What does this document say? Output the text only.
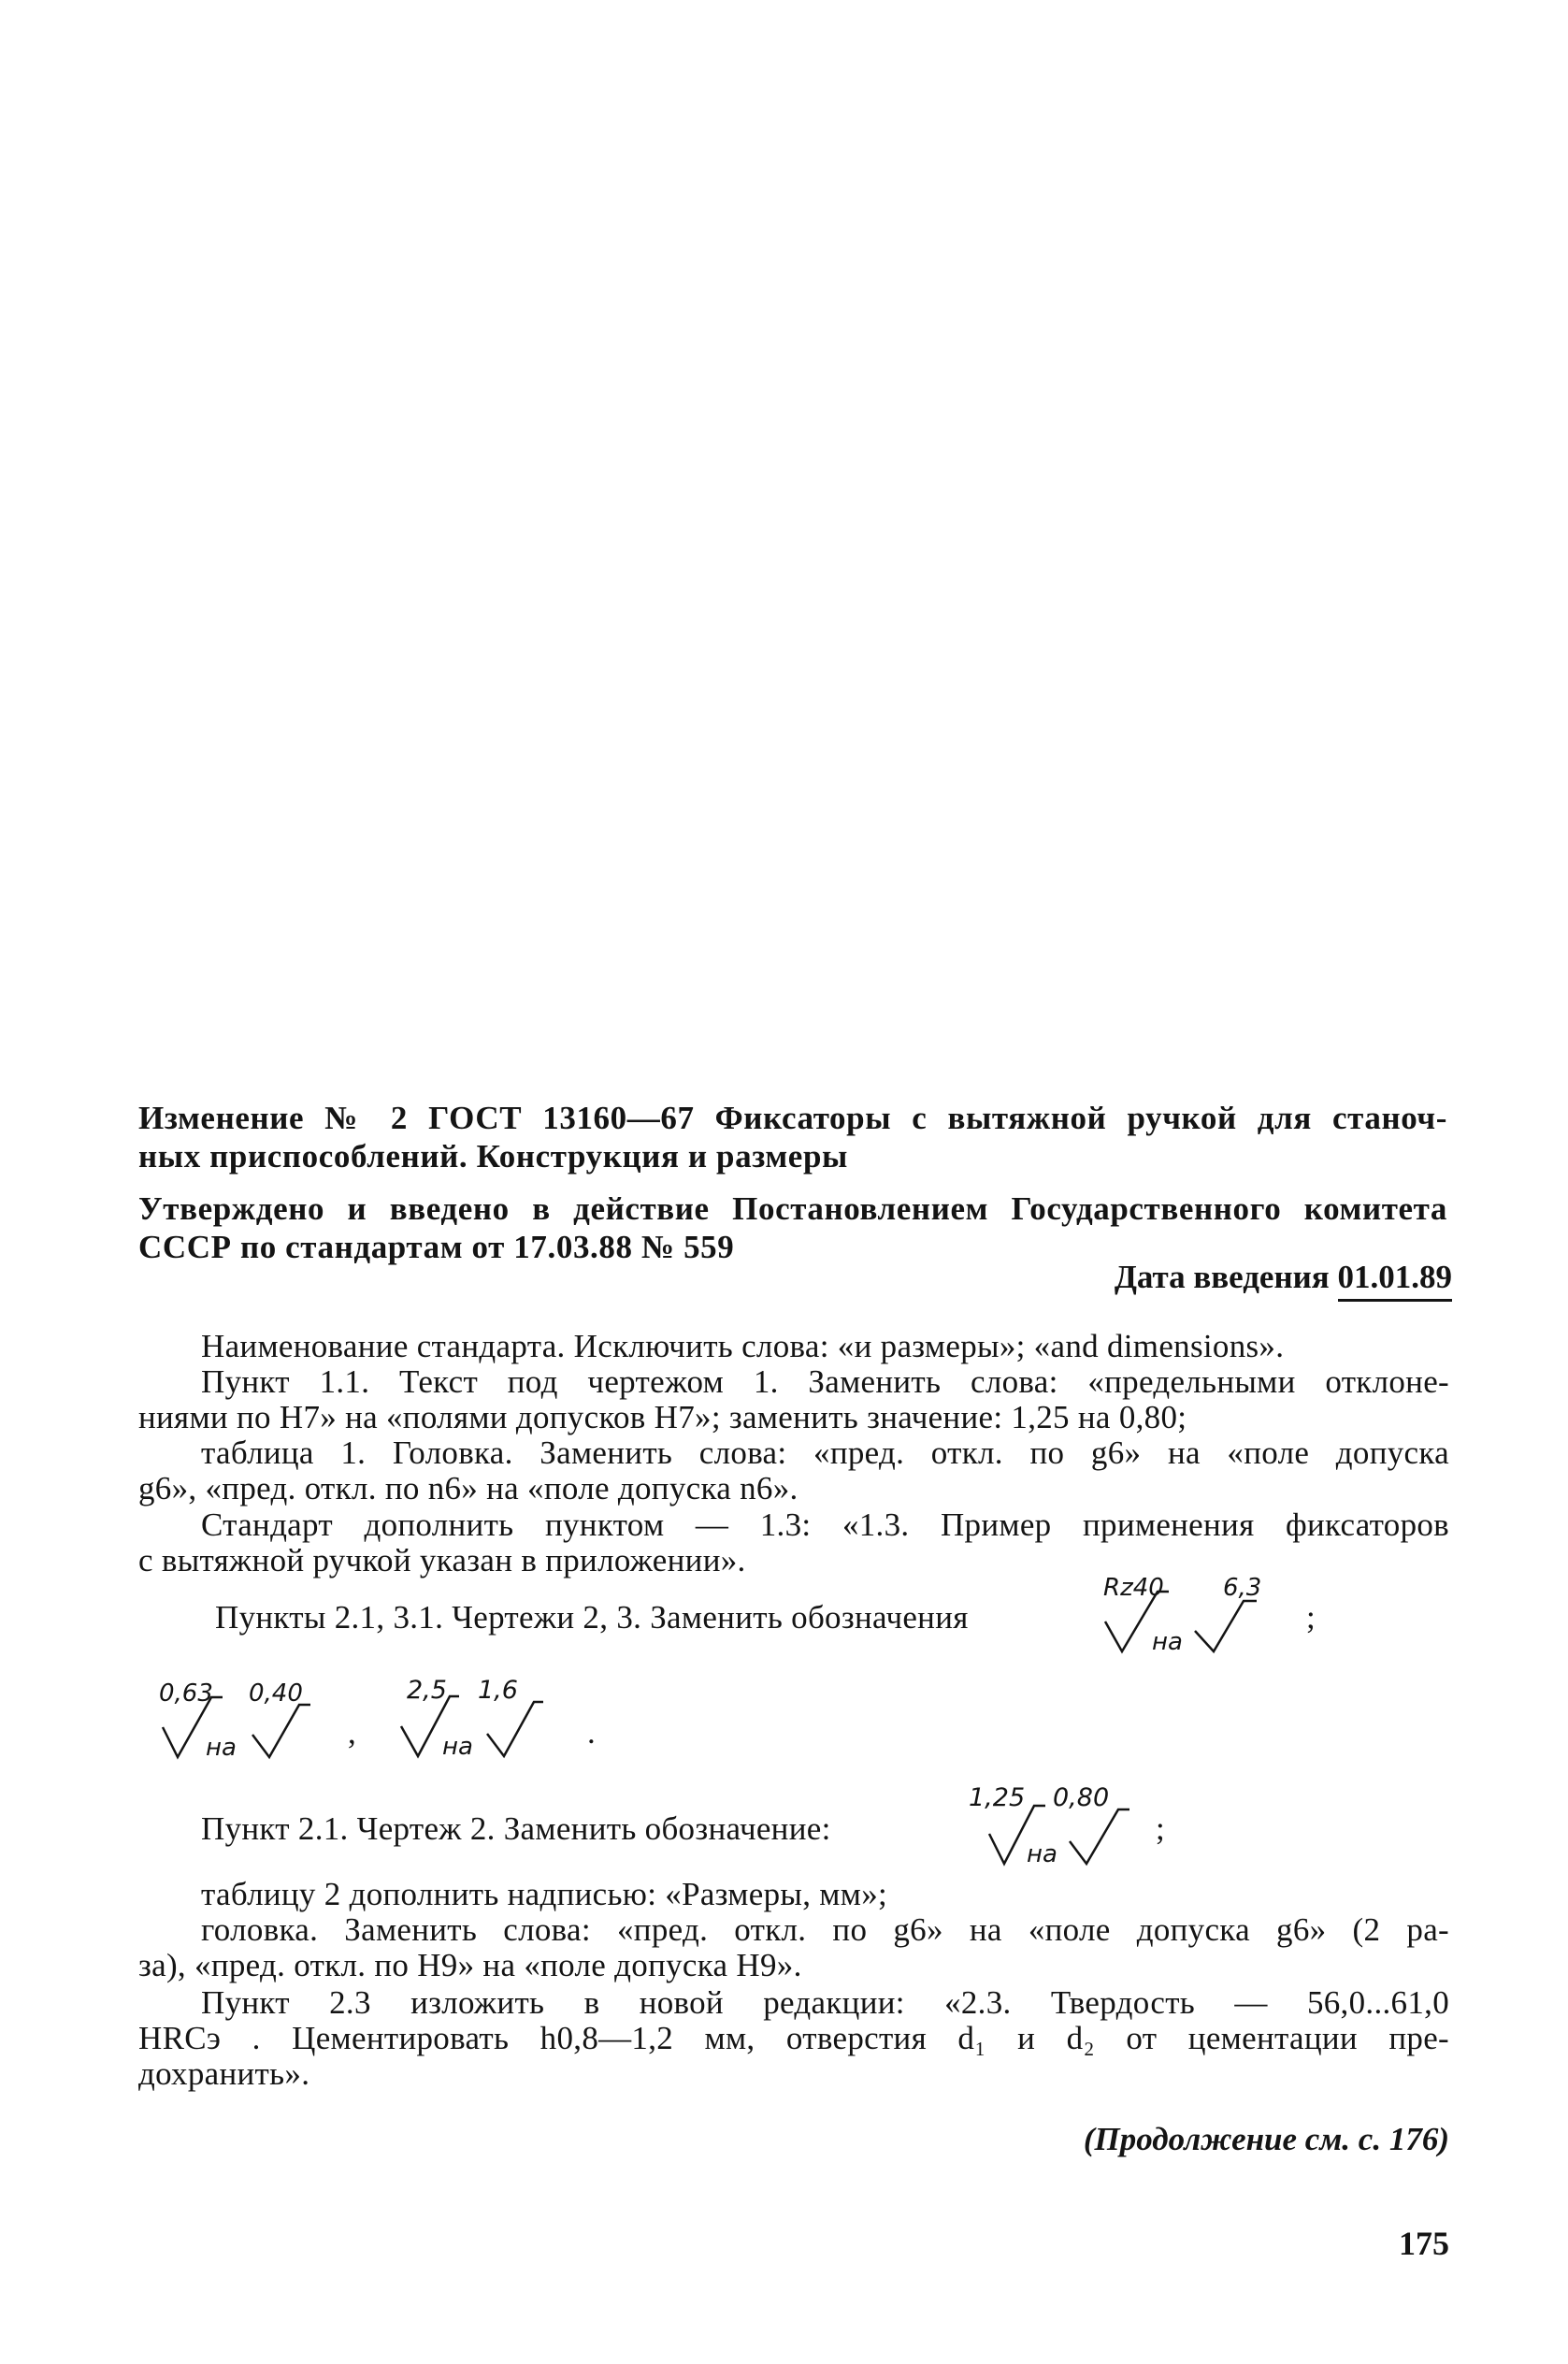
Изменение № 2 ГОСТ 13160—67 Фиксаторы с вытяжной ручкой для станоч-
ных приспособлений. Конструкция и размеры
Утверждено и введено в действие Постановлением Государственного комитета
СССР по стандартам от 17.03.88 № 559
Дата введения 01.01.89
Наименование стандарта. Исключить слова: «и размеры»; «and dimensions».
Пункт 1.1. Текст под чертежом 1. Заменить слова: «предельными отклоне-
ниями по Н7» на «полями допусков Н7»; заменить значение: 1,25 на 0,80;
таблица 1. Головка. Заменить слова: «пред. откл. по g6» на «поле допуска
g6», «пред. откл. по n6» на «поле допуска n6».
Стандарт дополнить пунктом — 1.3: «1.3. Пример применения фиксаторов
с вытяжной ручкой указан в приложении».
Пункты 2.1, 3.1. Чертежи 2, 3. Заменить обозначения
Rz40 6,3
на
;
0,63 0,40
на	,
2,5 1,6
на	.
Пункт 2.1. Чертеж 2. Заменить обозначение:
1,25 0,80
на
;
таблицу 2 дополнить надписью: «Размеры, мм»;
головка. Заменить слова: «пред. откл. по g6» на «поле допуска g6» (2 ра-
за), «пред. откл. по Н9» на «поле допуска Н9».
Пункт 2.3 изложить в новой редакции: «2.3. Твердость — 56,0...61,0
HRCэ . Цементировать h0,8—1,2 мм, отверстия d₁ и d₂ от цементации пре-
дохранить».
(Продолжение см. с. 176)
175
